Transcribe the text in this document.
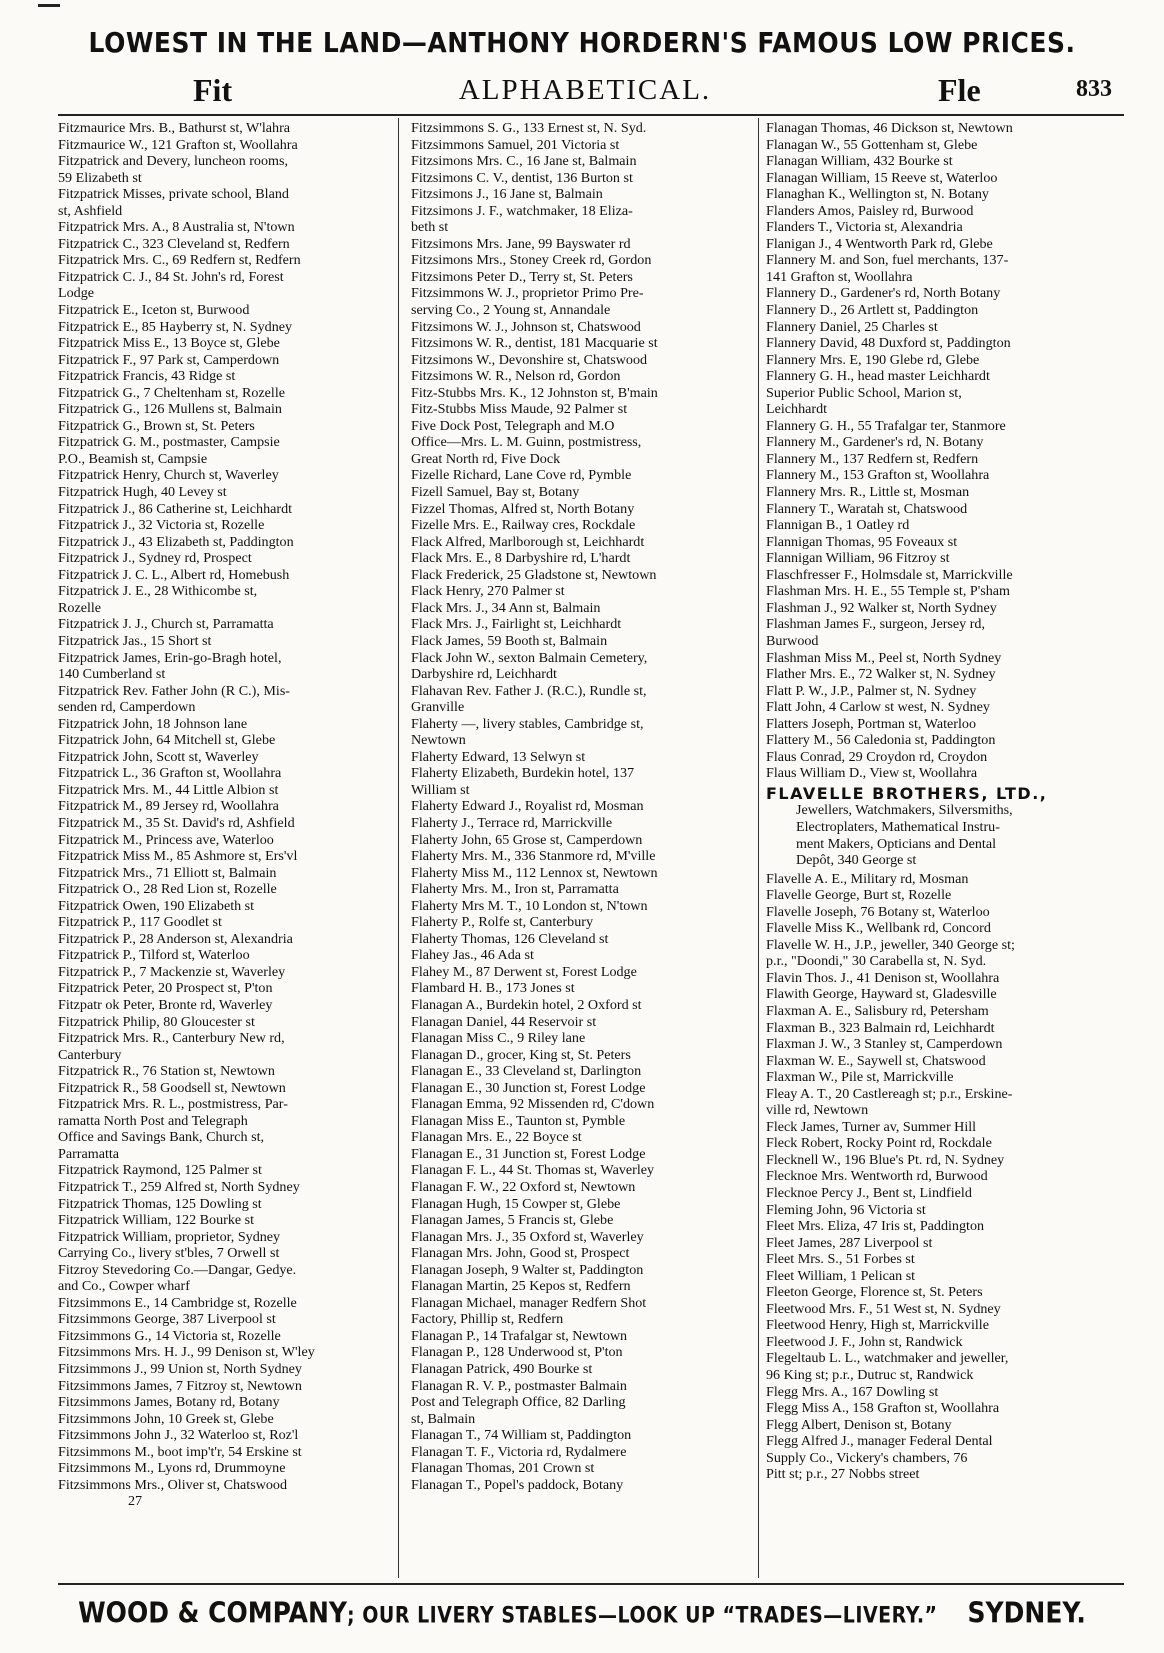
LOWEST IN THE LAND—ANTHONY HORDERN'S FAMOUS LOW PRICES.
Fit	ALPHABETICAL.	Fle	833
Fitzmaurice Mrs. B., Bathurst st, W'lahra
Fitzmaurice W., 121 Grafton st, Woollahra
Fitzpatrick and Devery, luncheon rooms,
59 Elizabeth st
Fitzpatrick Misses, private school, Bland
st, Ashfield
Fitzpatrick Mrs. A., 8 Australia st, N'town
Fitzpatrick C., 323 Cleveland st, Redfern
Fitzpatrick Mrs. C., 69 Redfern st, Redfern
Fitzpatrick C. J., 84 St. John's rd, Forest
Lodge
Fitzpatrick E., Iceton st, Burwood
Fitzpatrick E., 85 Hayberry st, N. Sydney
Fitzpatrick Miss E., 13 Boyce st, Glebe
Fitzpatrick F., 97 Park st, Camperdown
Fitzpatrick Francis, 43 Ridge st
Fitzpatrick G., 7 Cheltenham st, Rozelle
Fitzpatrick G., 126 Mullens st, Balmain
Fitzpatrick G., Brown st, St. Peters
Fitzpatrick G. M., postmaster, Campsie
P.O., Beamish st, Campsie
Fitzpatrick Henry, Church st, Waverley
Fitzpatrick Hugh, 40 Levey st
Fitzpatrick J., 86 Catherine st, Leichhardt
Fitzpatrick J., 32 Victoria st, Rozelle
Fitzpatrick J., 43 Elizabeth st, Paddington
Fitzpatrick J., Sydney rd, Prospect
Fitzpatrick J. C. L., Albert rd, Homebush
Fitzpatrick J. E., 28 Withicombe st,
Rozelle
Fitzpatrick J. J., Church st, Parramatta
Fitzpatrick Jas., 15 Short st
Fitzpatrick James, Erin-go-Bragh hotel,
140 Cumberland st
Fitzpatrick Rev. Father John (R C.), Mis-
senden rd, Camperdown
Fitzpatrick John, 18 Johnson lane
Fitzpatrick John, 64 Mitchell st, Glebe
Fitzpatrick John, Scott st, Waverley
Fitzpatrick L., 36 Grafton st, Woollahra
Fitzpatrick Mrs. M., 44 Little Albion st
Fitzpatrick M., 89 Jersey rd, Woollahra
Fitzpatrick M., 35 St. David's rd, Ashfield
Fitzpatrick M., Princess ave, Waterloo
Fitzpatrick Miss M., 85 Ashmore st, Ers'vl
Fitzpatrick Mrs., 71 Elliott st, Balmain
Fitzpatrick O., 28 Red Lion st, Rozelle
Fitzpatrick Owen, 190 Elizabeth st
Fitzpatrick P., 117 Goodlet st
Fitzpatrick P., 28 Anderson st, Alexandria
Fitzpatrick P., Tilford st, Waterloo
Fitzpatrick P., 7 Mackenzie st, Waverley
Fitzpatrick Peter, 20 Prospect st, P'ton
Fitzpatr ok Peter, Bronte rd, Waverley
Fitzpatrick Philip, 80 Gloucester st
Fitzpatrick Mrs. R., Canterbury New rd,
Canterbury
Fitzpatrick R., 76 Station st, Newtown
Fitzpatrick R., 58 Goodsell st, Newtown
Fitzpatrick Mrs. R. L., postmistress, Par-
ramatta North Post and Telegraph
Office and Savings Bank, Church st,
Parramatta
Fitzpatrick Raymond, 125 Palmer st
Fitzpatrick T., 259 Alfred st, North Sydney
Fitzpatrick Thomas, 125 Dowling st
Fitzpatrick William, 122 Bourke st
Fitzpatrick William, proprietor, Sydney
Carrying Co., livery st'bles, 7 Orwell st
Fitzroy Stevedoring Co.—Dangar, Gedye.
and Co., Cowper wharf
Fitzsimmons E., 14 Cambridge st, Rozelle
Fitzsimmons George, 387 Liverpool st
Fitzsimmons G., 14 Victoria st, Rozelle
Fitzsimmons Mrs. H. J., 99 Denison st, W'ley
Fitzsimmons J., 99 Union st, North Sydney
Fitzsimmons James, 7 Fitzroy st, Newtown
Fitzsimmons James, Botany rd, Botany
Fitzsimmons John, 10 Greek st, Glebe
Fitzsimmons John J., 32 Waterloo st, Roz'l
Fitzsimmons M., boot imp't'r, 54 Erskine st
Fitzsimmons M., Lyons rd, Drummoyne
Fitzsimmons Mrs., Oliver st, Chatswood
27
Fitzsimmons S. G., 133 Ernest st, N. Syd.
Fitzsimmons Samuel, 201 Victoria st
Fitzsimons Mrs. C., 16 Jane st, Balmain
Fitzsimons C. V., dentist, 136 Burton st
Fitzsimons J., 16 Jane st, Balmain
Fitzsimons J. F., watchmaker, 18 Eliza-
beth st
Fitzsimons Mrs. Jane, 99 Bayswater rd
Fitzsimons Mrs., Stoney Creek rd, Gordon
Fitzsimons Peter D., Terry st, St. Peters
Fitzsimmons W. J., proprietor Primo Pre-
serving Co., 2 Young st, Annandale
Fitzsimons W. J., Johnson st, Chatswood
Fitzsimons W. R., dentist, 181 Macquarie st
Fitzsimons W., Devonshire st, Chatswood
Fitzsimons W. R., Nelson rd, Gordon
Fitz-Stubbs Mrs. K., 12 Johnston st, B'main
Fitz-Stubbs Miss Maude, 92 Palmer st
Five Dock Post, Telegraph and M.O
Office—Mrs. L. M. Guinn, postmistress,
Great North rd, Five Dock
Fizelle Richard, Lane Cove rd, Pymble
Fizell Samuel, Bay st, Botany
Fizzel Thomas, Alfred st, North Botany
Fizelle Mrs. E., Railway cres, Rockdale
Flack Alfred, Marlborough st, Leichhardt
Flack Mrs. E., 8 Darbyshire rd, L'hardt
Flack Frederick, 25 Gladstone st, Newtown
Flack Henry, 270 Palmer st
Flack Mrs. J., 34 Ann st, Balmain
Flack Mrs. J., Fairlight st, Leichhardt
Flack James, 59 Booth st, Balmain
Flack John W., sexton Balmain Cemetery,
Darbyshire rd, Leichhardt
Flahavan Rev. Father J. (R.C.), Rundle st,
Granville
Flaherty —, livery stables, Cambridge st,
Newtown
Flaherty Edward, 13 Selwyn st
Flaherty Elizabeth, Burdekin hotel, 137
William st
Flaherty Edward J., Royalist rd, Mosman
Flaherty J., Terrace rd, Marrickville
Flaherty John, 65 Grose st, Camperdown
Flaherty Mrs. M., 336 Stanmore rd, M'ville
Flaherty Miss M., 112 Lennox st, Newtown
Flaherty Mrs. M., Iron st, Parramatta
Flaherty Mrs M. T., 10 London st, N'town
Flaherty P., Rolfe st, Canterbury
Flaherty Thomas, 126 Cleveland st
Flahey Jas., 46 Ada st
Flahey M., 87 Derwent st, Forest Lodge
Flambard H. B., 173 Jones st
Flanagan A., Burdekin hotel, 2 Oxford st
Flanagan Daniel, 44 Reservoir st
Flanagan Miss C., 9 Riley lane
Flanagan D., grocer, King st, St. Peters
Flanagan E., 33 Cleveland st, Darlington
Flanagan E., 30 Junction st, Forest Lodge
Flanagan Emma, 92 Missenden rd, C'down
Flanagan Miss E., Taunton st, Pymble
Flanagan Mrs. E., 22 Boyce st
Flanagan E., 31 Junction st, Forest Lodge
Flanagan F. L., 44 St. Thomas st, Waverley
Flanagan F. W., 22 Oxford st, Newtown
Flanagan Hugh, 15 Cowper st, Glebe
Flanagan James, 5 Francis st, Glebe
Flanagan Mrs. J., 35 Oxford st, Waverley
Flanagan Mrs. John, Good st, Prospect
Flanagan Joseph, 9 Walter st, Paddington
Flanagan Martin, 25 Kepos st, Redfern
Flanagan Michael, manager Redfern Shot
Factory, Phillip st, Redfern
Flanagan P., 14 Trafalgar st, Newtown
Flanagan P., 128 Underwood st, P'ton
Flanagan Patrick, 490 Bourke st
Flanagan R. V. P., postmaster Balmain
Post and Telegraph Office, 82 Darling
st, Balmain
Flanagan T., 74 William st, Paddington
Flanagan T. F., Victoria rd, Rydalmere
Flanagan Thomas, 201 Crown st
Flanagan T., Popel's paddock, Botany
Flanagan Thomas, 46 Dickson st, Newtown
Flanagan W., 55 Gottenham st, Glebe
Flanagan William, 432 Bourke st
Flanagan William, 15 Reeve st, Waterloo
Flanaghan K., Wellington st, N. Botany
Flanders Amos, Paisley rd, Burwood
Flanders T., Victoria st, Alexandria
Flanigan J., 4 Wentworth Park rd, Glebe
Flannery M. and Son, fuel merchants, 137-
141 Grafton st, Woollahra
Flannery D., Gardener's rd, North Botany
Flannery D., 26 Artlett st, Paddington
Flannery Daniel, 25 Charles st
Flannery David, 48 Duxford st, Paddington
Flannery Mrs. E, 190 Glebe rd, Glebe
Flannery G. H., head master Leichhardt
Superior Public School, Marion st,
Leichhardt
Flannery G. H., 55 Trafalgar ter, Stanmore
Flannery M., Gardener's rd, N. Botany
Flannery M., 137 Redfern st, Redfern
Flannery M., 153 Grafton st, Woollahra
Flannery Mrs. R., Little st, Mosman
Flannery T., Waratah st, Chatswood
Flannigan B., 1 Oatley rd
Flannigan Thomas, 95 Foveaux st
Flannigan William, 96 Fitzroy st
Flaschfresser F., Holmsdale st, Marrickville
Flashman Mrs. H. E., 55 Temple st, P'sham
Flashman J., 92 Walker st, North Sydney
Flashman James F., surgeon, Jersey rd,
Burwood
Flashman Miss M., Peel st, North Sydney
Flather Mrs. E., 72 Walker st, N. Sydney
Flatt P. W., J.P., Palmer st, N. Sydney
Flatt John, 4 Carlow st west, N. Sydney
Flatters Joseph, Portman st, Waterloo
Flattery M., 56 Caledonia st, Paddington
Flaus Conrad, 29 Croydon rd, Croydon
Flaus William D., View st, Woollahra
FLAVELLE BROTHERS, LTD.,
Jewellers, Watchmakers, Silversmiths,
Electroplaters, Mathematical Instru-
ment Makers, Opticians and Dental
Depôt, 340 George st
Flavelle A. E., Military rd, Mosman
Flavelle George, Burt st, Rozelle
Flavelle Joseph, 76 Botany st, Waterloo
Flavelle Miss K., Wellbank rd, Concord
Flavelle W. H., J.P., jeweller, 340 George st;
p.r., "Doondi," 30 Carabella st, N. Syd.
Flavin Thos. J., 41 Denison st, Woollahra
Flawith George, Hayward st, Gladesville
Flaxman A. E., Salisbury rd, Petersham
Flaxman B., 323 Balmain rd, Leichhardt
Flaxman J. W., 3 Stanley st, Camperdown
Flaxman W. E., Saywell st, Chatswood
Flaxman W., Pile st, Marrickville
Fleay A. T., 20 Castlereagh st; p.r., Erskine-
ville rd, Newtown
Fleck James, Turner av, Summer Hill
Fleck Robert, Rocky Point rd, Rockdale
Flecknell W., 196 Blue's Pt. rd, N. Sydney
Flecknoe Mrs. Wentworth rd, Burwood
Flecknoe Percy J., Bent st, Lindfield
Fleming John, 96 Victoria st
Fleet Mrs. Eliza, 47 Iris st, Paddington
Fleet James, 287 Liverpool st
Fleet Mrs. S., 51 Forbes st
Fleet William, 1 Pelican st
Fleeton George, Florence st, St. Peters
Fleetwood Mrs. F., 51 West st, N. Sydney
Fleetwood Henry, High st, Marrickville
Fleetwood J. F., John st, Randwick
Flegeltaub L. L., watchmaker and jeweller,
96 King st; p.r., Dutruc st, Randwick
Flegg Mrs. A., 167 Dowling st
Flegg Miss A., 158 Grafton st, Woollahra
Flegg Albert, Denison st, Botany
Flegg Alfred J., manager Federal Dental
Supply Co., Vickery's chambers, 76
Pitt st; p.r., 27 Nobbs street
WOOD & COMPANY; OUR LIVERY STABLES—LOOK UP “TRADES—LIVERY.” SYDNEY.
